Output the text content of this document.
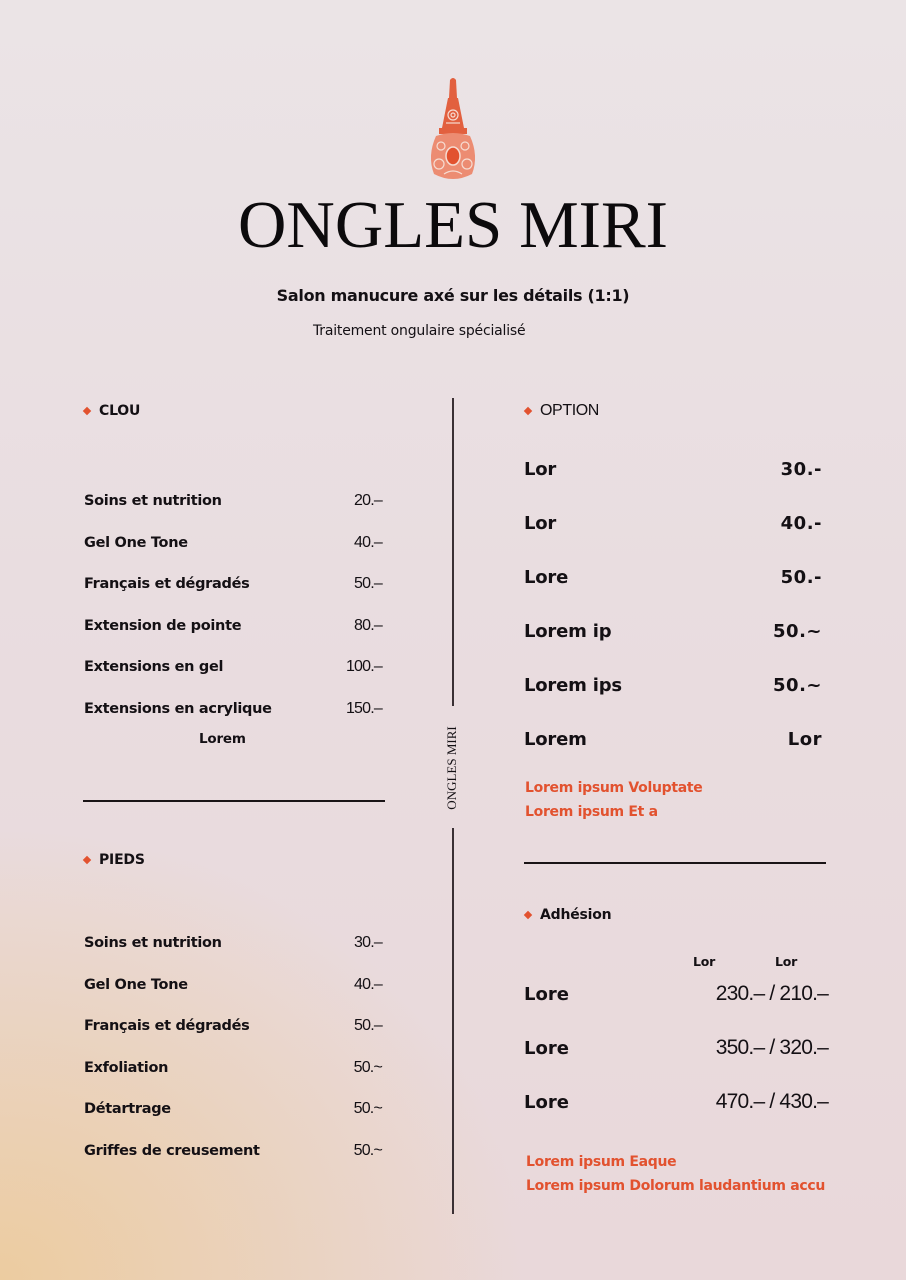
ONGLES MIRI
Salon manucure axé sur les détails (1:1)
Traitement ongulaire spécialisé
ONGLES MIRI
CLOU
Soins et nutrition	20.–
Gel One Tone	40.–
Français et dégradés	50.–
Extension de pointe	80.–
Extensions en gel	100.–
Extensions en acrylique	150.–
Lorem
PIEDS
Soins et nutrition	30.–
Gel One Tone	40.–
Français et dégradés	50.–
Exfoliation	50.~
Détartrage	50.~
Griffes de creusement	50.~
OPTION
Lor	30.-
Lor	40.-
Lore	50.-
Lorem ip	50.~
Lorem ips	50.~
Lorem	Lor
Lorem ipsum Voluptate
Lorem ipsum Et a
Adhésion
Lor	Lor
Lore	230.– / 210.–
Lore	350.– / 320.–
Lore	470.– / 430.–
Lorem ipsum Eaque
Lorem ipsum Dolorum laudantium accu
